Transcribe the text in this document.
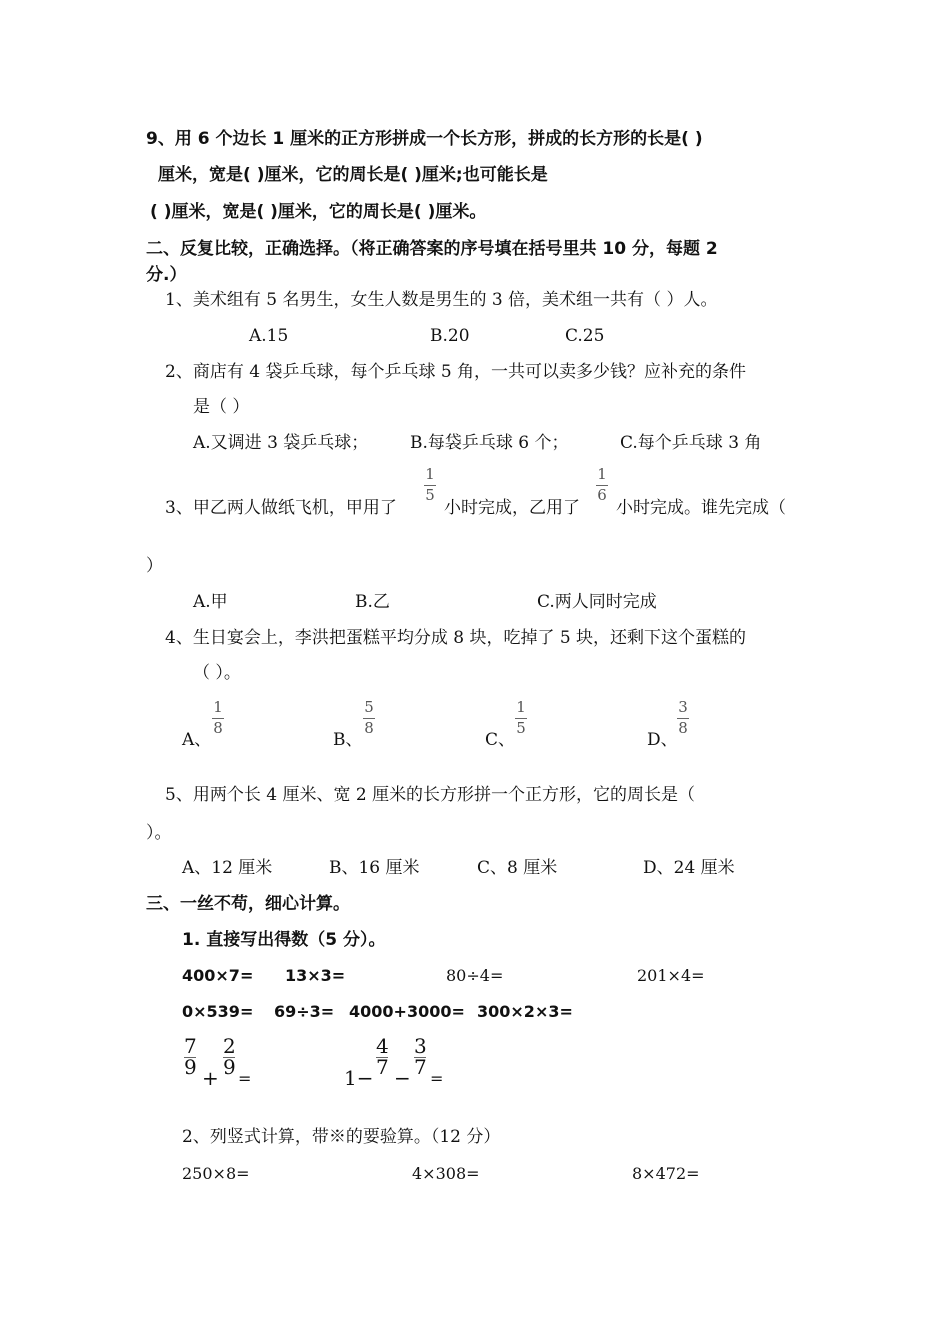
9、用 6 个边长 1 厘米的正方形拼成一个长方形，拼成的长方形的长是( )
厘米，宽是( )厘米，它的周长是( )厘米;也可能长是
( )厘米，宽是( )厘米，它的周长是( )厘米。
二、反复比较，正确选择。（将正确答案的序号填在括号里共 10 分，每题 2
分.）
1、美术组有 5 名男生，女生人数是男生的 3 倍，美术组一共有（ ）人。
A.15	B.20	C.25
2、商店有 4 袋乒乓球，每个乒乓球 5 角，一共可以卖多少钱？应补充的条件
是（ ）
A.又调进 3 袋乒乓球； B.每袋乒乓球 6 个；	C.每个乒乓球 3 角
3、甲乙两人做纸飞机，甲用了
1
5
小时完成，乙用了
1
6
小时完成。谁先完成（
）
A.甲	B.乙	C.两人同时完成
4、生日宴会上，李洪把蛋糕平均分成 8 块，吃掉了 5 块，还剩下这个蛋糕的
（ ）。
A、
1
8
B、
5
8
C、
1
5
D、
3
8
5、用两个长 4 厘米、宽 2 厘米的长方形拼一个正方形，它的周长是（
）。
A、12 厘米	B、16 厘米	C、8 厘米	D、24 厘米
三、一丝不苟，细心计算。
1. 直接写出得数（5 分）。
400×7= 13×3=	80÷4=	201×4=
0×539= 69÷3= 4000+3000= 300×2×3=
7
9 +
2
9 =	1−
4
7 −
3
7 =
2、列竖式计算，带※的要验算。（12 分）
250×8=	4×308=	8×472=
